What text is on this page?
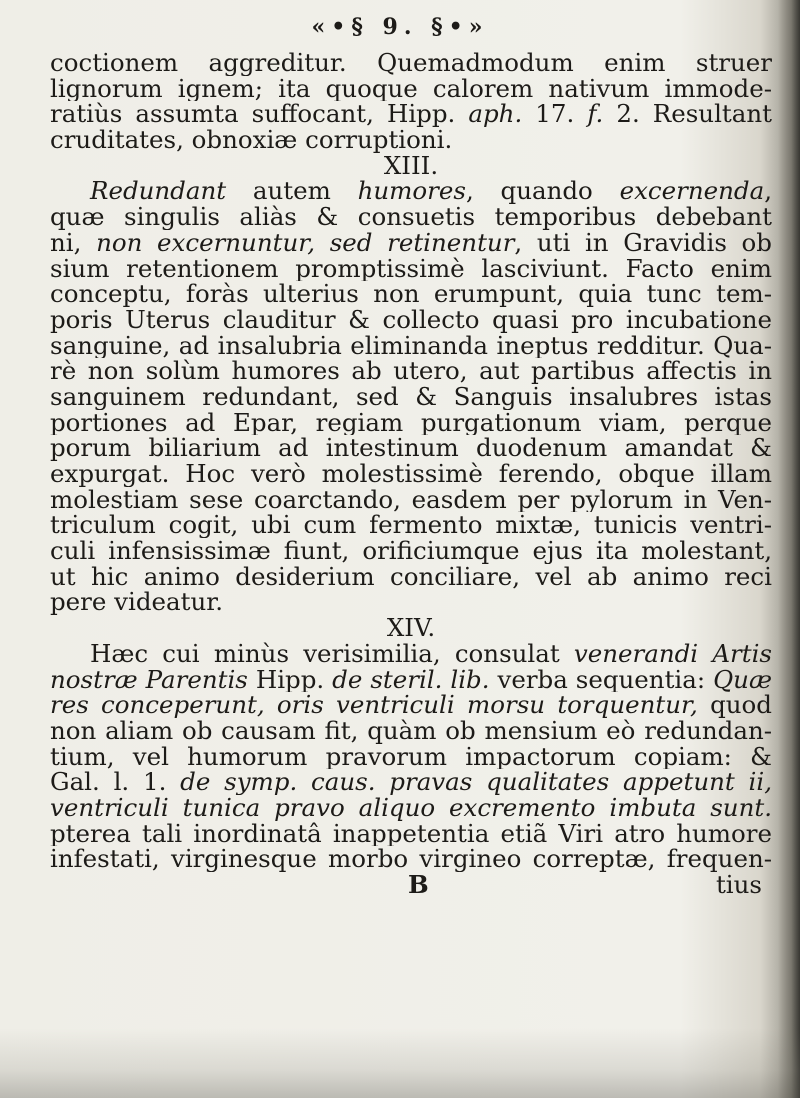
«•§ 9. §•»
coctionem aggreditur. Quemadmodum enim struer
lignorum ignem; ita quoque calorem nativum immode-
ratiùs assumta suffocant, Hipp. aph. 17. f. 2. Resultant
cruditates, obnoxiæ corruptioni.
XIII.
Redundant autem humores, quando excernenda,
quæ singulis aliàs & consuetis temporibus debebant
ni, non excernuntur, sed retinentur, uti in Gravidis ob
sium retentionem promptissimè lasciviunt. Facto enim
conceptu, foràs ulterius non erumpunt, quia tunc tem-
poris Uterus clauditur & collecto quasi pro incubatione
sanguine, ad insalubria eliminanda ineptus redditur. Qua-
rè non solùm humores ab utero, aut partibus affectis in
sanguinem redundant, sed & Sanguis insalubres istas
portiones ad Epar, regiam purgationum viam, perque
porum biliarium ad intestinum duodenum amandat &
expurgat. Hoc verò molestissimè ferendo, obque illam
molestiam sese coarctando, easdem per pylorum in Ven-
triculum cogit, ubi cum fermento mixtæ, tunicis ventri-
culi infensissimæ fiunt, orificiumque ejus ita molestant,
ut hic animo desiderium conciliare, vel ab animo reci
pere videatur.
XIV.
Hæc cui minùs verisimilia, consulat venerandi Artis
nostræ Parentis Hipp. de steril. lib. verba sequentia: Quæ
res conceperunt, oris ventriculi morsu torquentur, quod
non aliam ob causam fit, quàm ob mensium eò redundan-
tium, vel humorum pravorum impactorum copiam: &
Gal. l. 1. de symp. caus. pravas qualitates appetunt ii,
ventriculi tunica pravo aliquo excremento imbuta sunt.
pterea tali inordinatâ inappetentia etiã Viri atro humore
infestati, virginesque morbo virgineo correptæ, frequen-
B	tius
